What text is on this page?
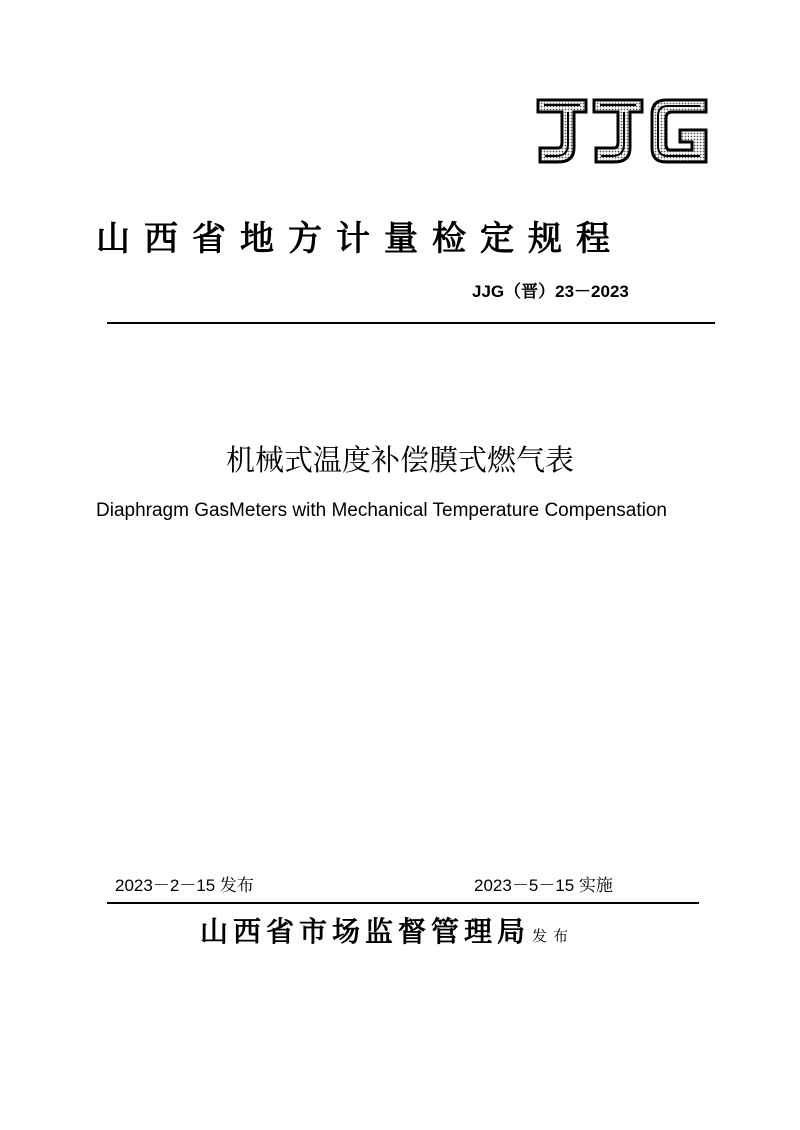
山西省地方计量检定规程
JJG（晋）23－2023
机械式温度补偿膜式燃气表
Diaphragm GasMeters with Mechanical Temperature Compensation
2023－2－15 发布	2023－5－15 实施
山西省市场监督管理局 发布
